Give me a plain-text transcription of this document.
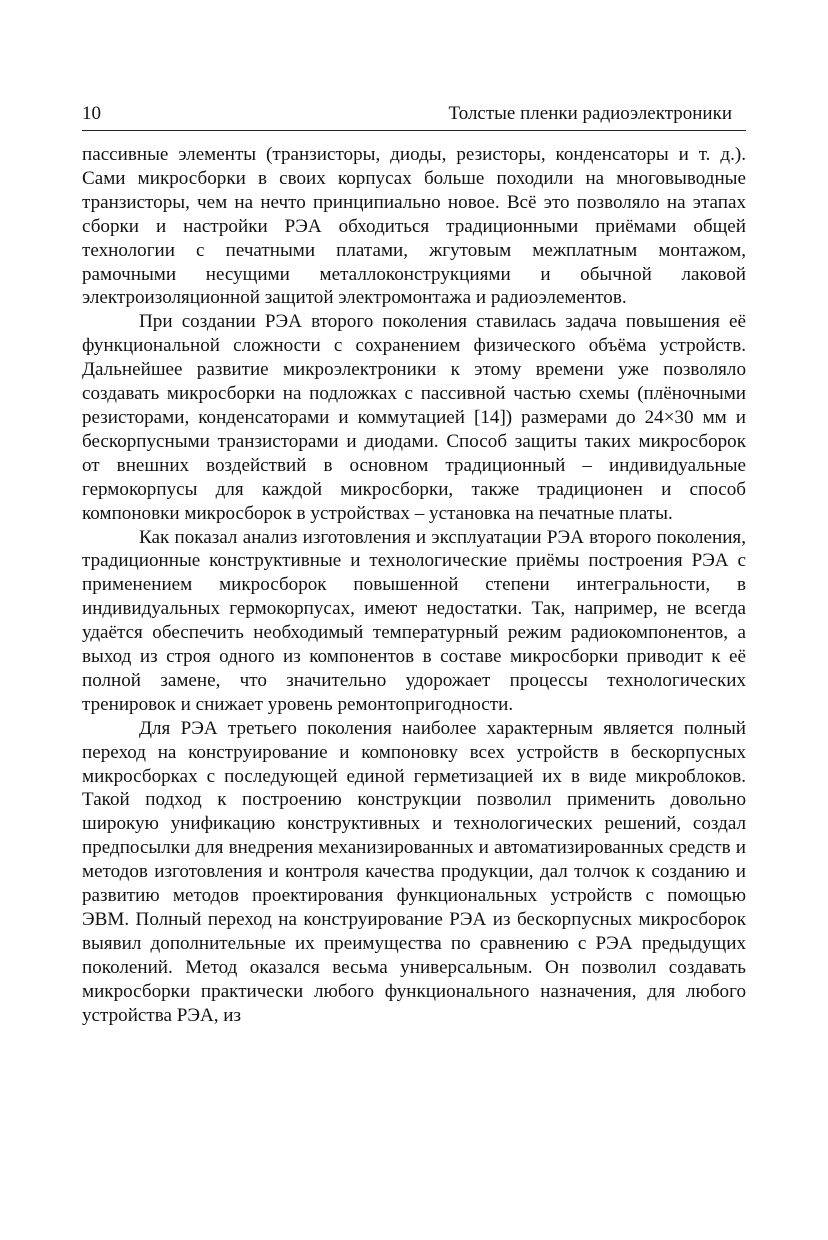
10	Толстые пленки радиоэлектроники

пассивные элементы (транзисторы, диоды, резисторы, конденсаторы и т. д.). Сами микросборки в своих корпусах больше походили на многовыводные транзисторы, чем на нечто принципиально новое. Всё это позволяло на этапах сборки и настройки РЭА обходиться традиционными приёмами общей технологии с печатными платами, жгутовым межплатным монтажом, рамочными несущими металлоконструкциями и обычной лаковой электроизоляционной защитой электромонтажа и радиоэлементов.

При создании РЭА второго поколения ставилась задача повышения её функциональной сложности с сохранением физического объёма устройств. Дальнейшее развитие микроэлектроники к этому времени уже позволяло создавать микросборки на подложках с пассивной частью схемы (плёночными резисторами, конденсаторами и коммутацией [14]) размерами до 24×30 мм и бескорпусными транзисторами и диодами. Способ защиты таких микросборок от внешних воздействий в основном традиционный – индивидуальные гермокорпусы для каждой микросборки, также традиционен и способ компоновки микросборок в устройствах – установка на печатные платы.

Как показал анализ изготовления и эксплуатации РЭА второго поколения, традиционные конструктивные и технологические приёмы построения РЭА с применением микросборок повышенной степени интегральности, в индивидуальных гермокорпусах, имеют недостатки. Так, например, не всегда удаётся обеспечить необходимый температурный режим радиокомпонентов, а выход из строя одного из компонентов в составе микросборки приводит к её полной замене, что значительно удорожает процессы технологических тренировок и снижает уровень ремонтопригодности.

Для РЭА третьего поколения наиболее характерным является полный переход на конструирование и компоновку всех устройств в бескорпусных микросборках с последующей единой герметизацией их в виде микроблоков. Такой подход к построению конструкции позволил применить довольно широкую унификацию конструктивных и технологических решений, создал предпосылки для внедрения механизированных и автоматизированных средств и методов изготовления и контроля качества продукции, дал толчок к созданию и развитию методов проектирования функциональных устройств с помощью ЭВМ. Полный переход на конструирование РЭА из бескорпусных микросборок выявил дополнительные их преимущества по сравнению с РЭА предыдущих поколений. Метод оказался весьма универсальным. Он позволил создавать микросборки практически любого функционального назначения, для любого устройства РЭА, из
